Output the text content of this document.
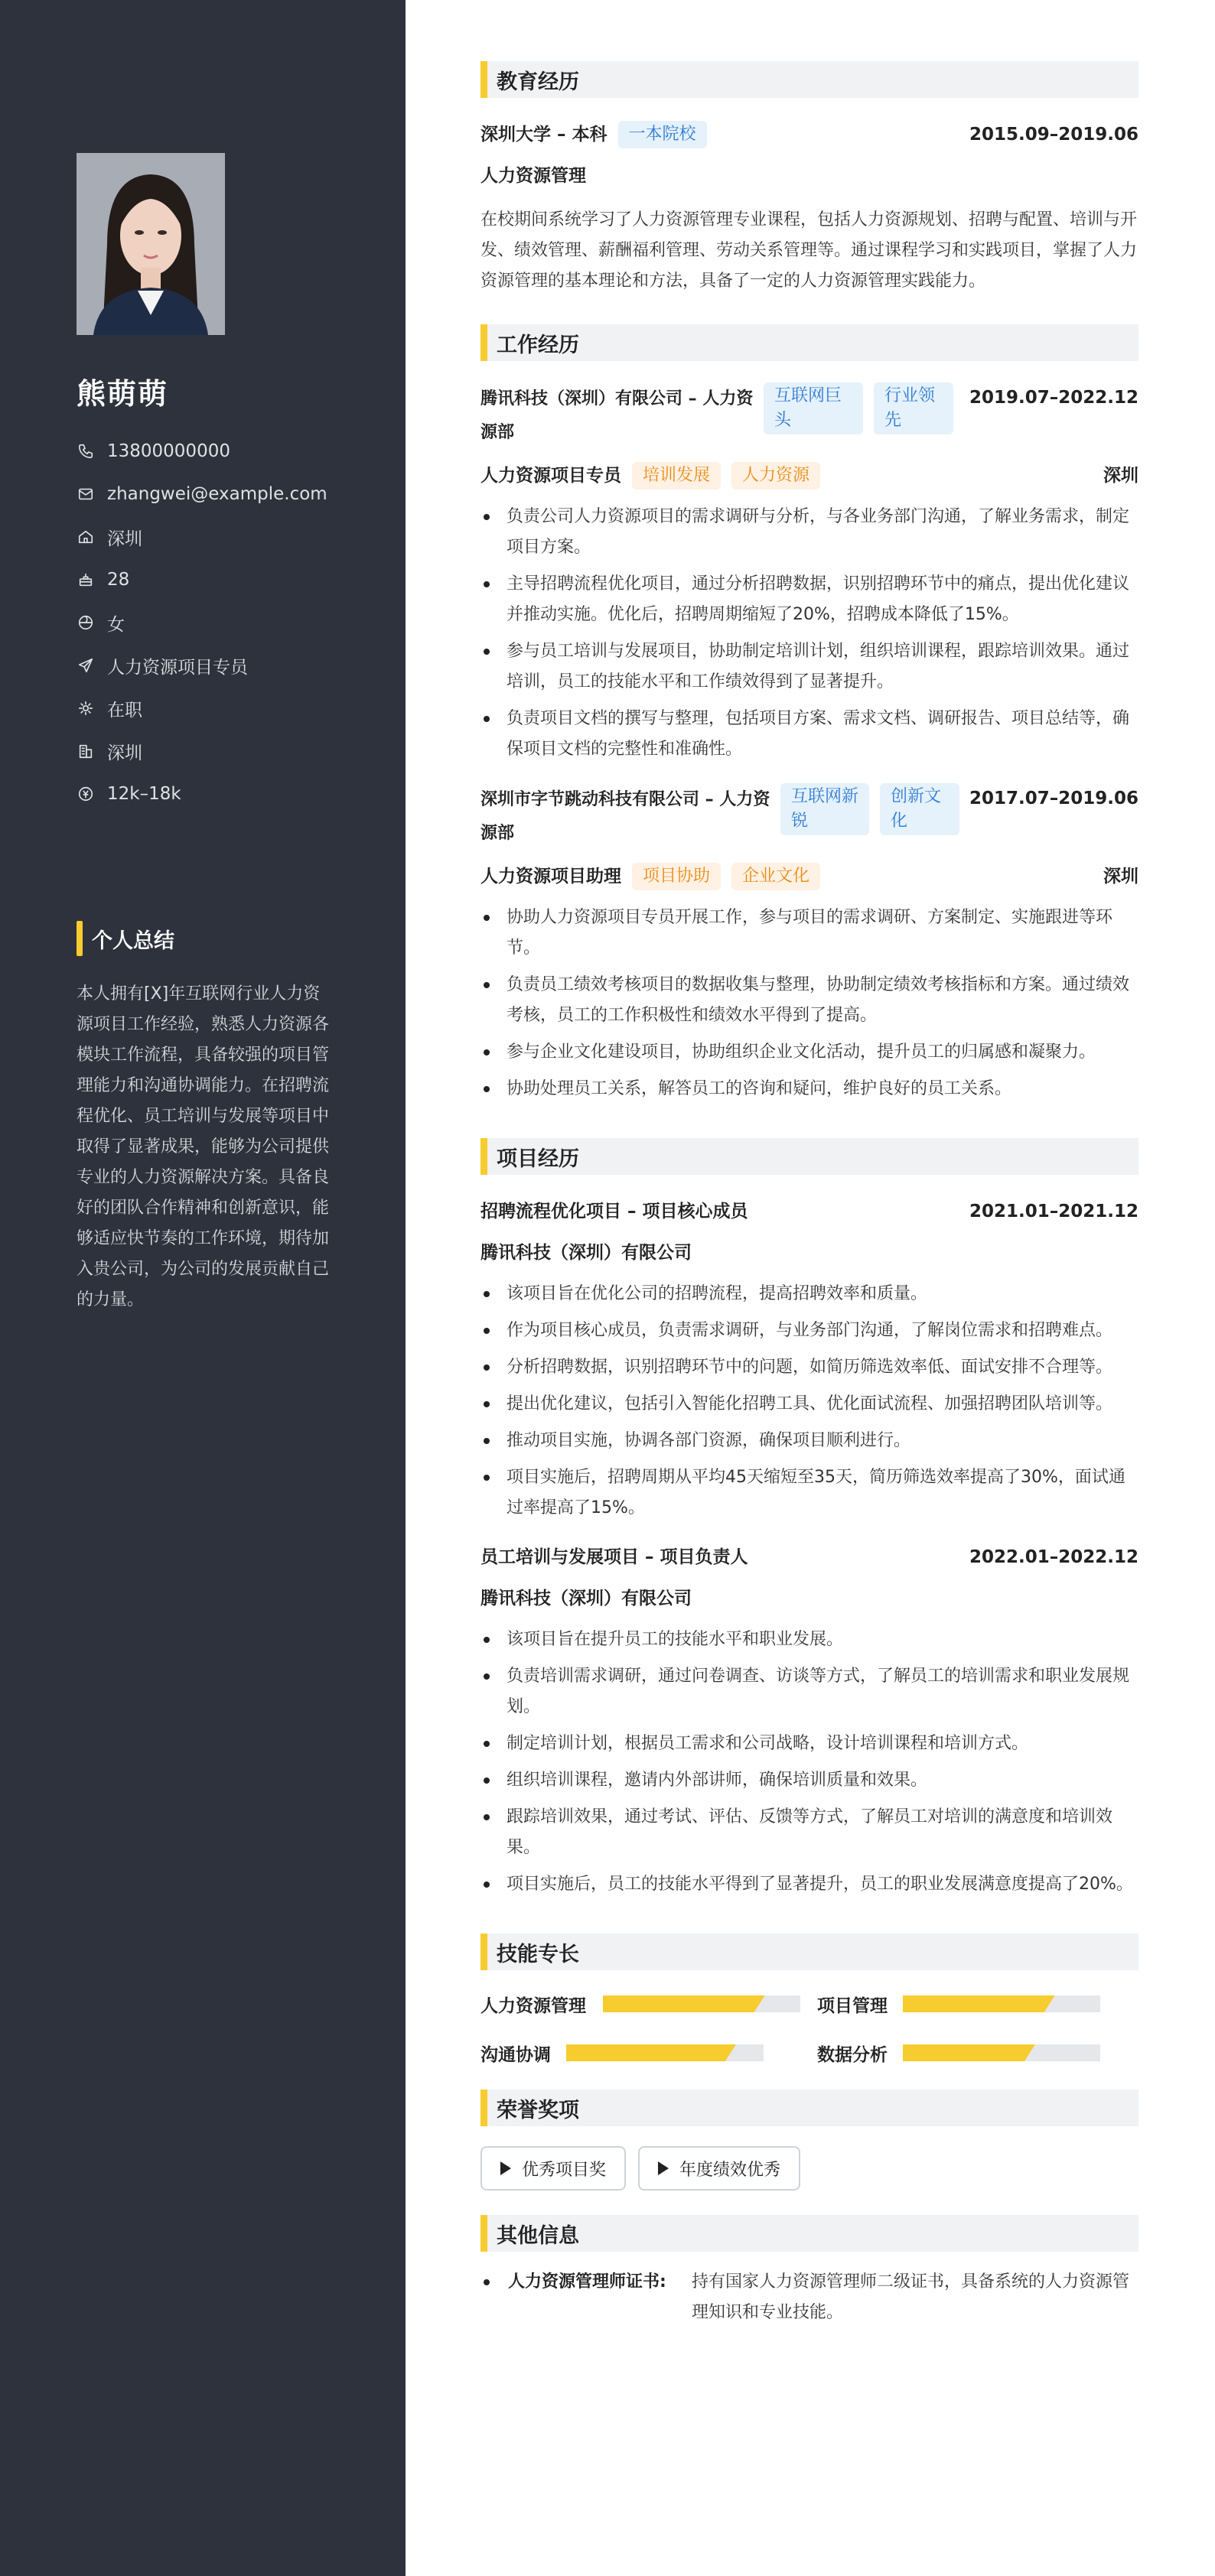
熊萌萌
13800000000
zhangwei@example.com
深圳
28
女
人力资源项目专员
在职
深圳
12k–18k
个人总结
本人拥有[X]年互联网行业人力资源项目工作经验，熟悉人力资源各模块工作流程，具备较强的项目管理能力和沟通协调能力。在招聘流程优化、员工培训与发展等项目中取得了显著成果，能够为公司提供专业的人力资源解决方案。具备良好的团队合作精神和创新意识，能够适应快节奏的工作环境，期待加入贵公司，为公司的发展贡献自己的力量。
教育经历
深圳大学 – 本科	一本院校	2015.09–2019.06
人力资源管理
在校期间系统学习了人力资源管理专业课程，包括人力资源规划、招聘与配置、培训与开发、绩效管理、薪酬福利管理、劳动关系管理等。通过课程学习和实践项目，掌握了人力资源管理的基本理论和方法，具备了一定的人力资源管理实践能力。
工作经历
腾讯科技（深圳）有限公司 – 人力资源部
互联网巨头
行业领先
2019.07–2022.12
人力资源项目专员	培训发展	人力资源	深圳
负责公司人力资源项目的需求调研与分析，与各业务部门沟通，了解业务需求，制定项目方案。
主导招聘流程优化项目，通过分析招聘数据，识别招聘环节中的痛点，提出优化建议并推动实施。优化后，招聘周期缩短了20%，招聘成本降低了15%。
参与员工培训与发展项目，协助制定培训计划，组织培训课程，跟踪培训效果。通过培训，员工的技能水平和工作绩效得到了显著提升。
负责项目文档的撰写与整理，包括项目方案、需求文档、调研报告、项目总结等，确保项目文档的完整性和准确性。
深圳市字节跳动科技有限公司 – 人力资源部
互联网新锐
创新文化
2017.07–2019.06
人力资源项目助理	项目协助	企业文化	深圳
协助人力资源项目专员开展工作，参与项目的需求调研、方案制定、实施跟进等环节。
负责员工绩效考核项目的数据收集与整理，协助制定绩效考核指标和方案。通过绩效考核，员工的工作积极性和绩效水平得到了提高。
参与企业文化建设项目，协助组织企业文化活动，提升员工的归属感和凝聚力。
协助处理员工关系，解答员工的咨询和疑问，维护良好的员工关系。
项目经历
招聘流程优化项目 – 项目核心成员	2021.01–2021.12
腾讯科技（深圳）有限公司
该项目旨在优化公司的招聘流程，提高招聘效率和质量。
作为项目核心成员，负责需求调研，与业务部门沟通，了解岗位需求和招聘难点。
分析招聘数据，识别招聘环节中的问题，如简历筛选效率低、面试安排不合理等。
提出优化建议，包括引入智能化招聘工具、优化面试流程、加强招聘团队培训等。
推动项目实施，协调各部门资源，确保项目顺利进行。
项目实施后，招聘周期从平均45天缩短至35天，简历筛选效率提高了30%，面试通过率提高了15%。
员工培训与发展项目 – 项目负责人	2022.01–2022.12
腾讯科技（深圳）有限公司
该项目旨在提升员工的技能水平和职业发展。
负责培训需求调研，通过问卷调查、访谈等方式，了解员工的培训需求和职业发展规划。
制定培训计划，根据员工需求和公司战略，设计培训课程和培训方式。
组织培训课程，邀请内外部讲师，确保培训质量和效果。
跟踪培训效果，通过考试、评估、反馈等方式，了解员工对培训的满意度和培训效果。
项目实施后，员工的技能水平得到了显著提升，员工的职业发展满意度提高了20%。
技能专长
人力资源管理	项目管理
沟通协调	数据分析
荣誉奖项
优秀项目奖	年度绩效优秀
其他信息
人力资源管理师证书:	持有国家人力资源管理师二级证书，具备系统的人力资源管理知识和专业技能。
